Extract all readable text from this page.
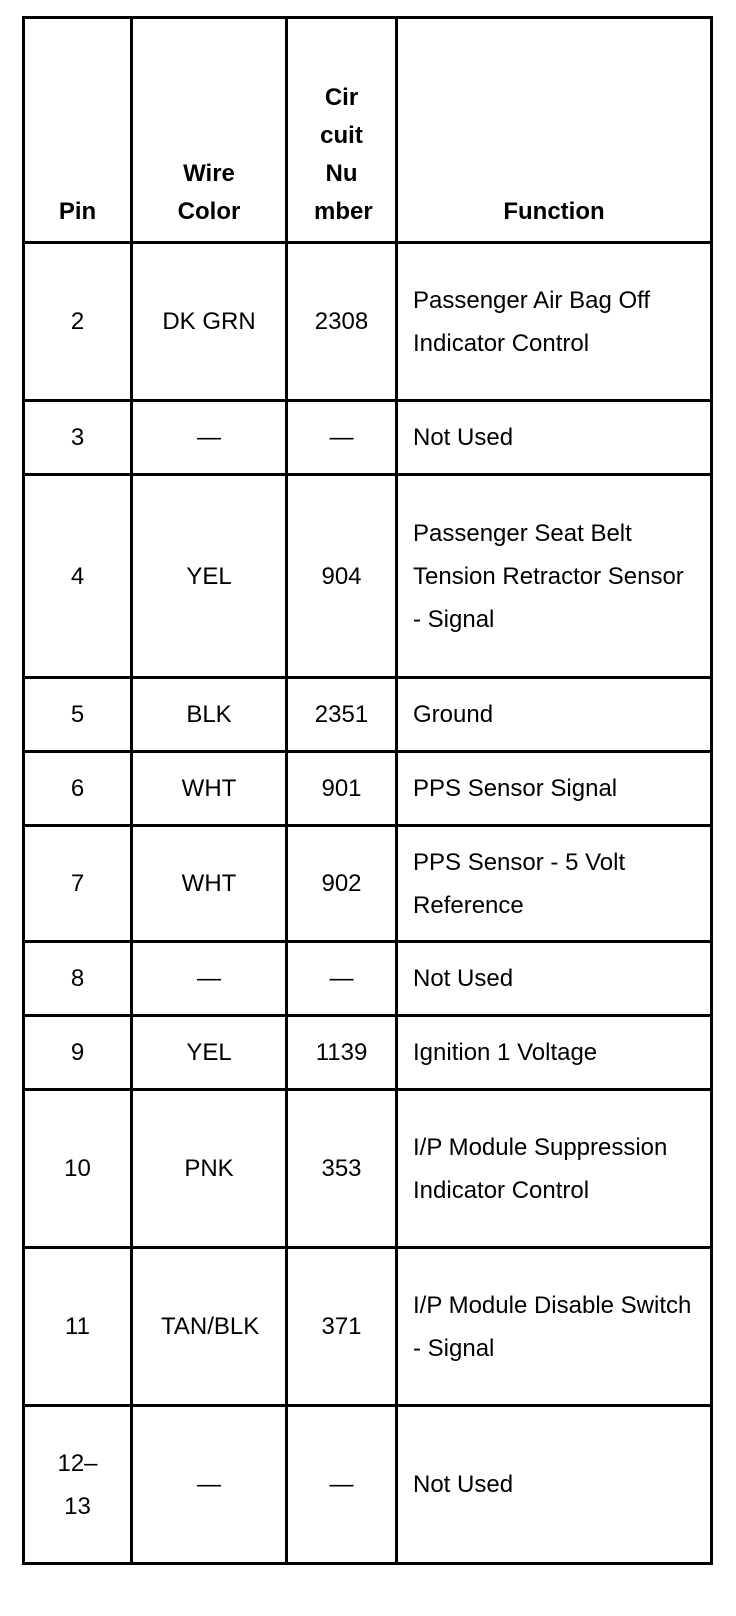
Pin	Wire Color	Cir cuit Nu mber	Function
2	DK GRN	2308	Passenger Air Bag Off Indicator Control
3	—	—	Not Used
4	YEL	904	Passenger Seat Belt Tension Retractor Sensor - Signal
5	BLK	2351	Ground
6	WHT	901	PPS Sensor Signal
7	WHT	902	PPS Sensor - 5 Volt Reference
8	—	—	Not Used
9	YEL	1139	Ignition 1 Voltage
10	PNK	353	I/P Module Suppression Indicator Control
11	TAN/BLK	371	I/P Module Disable Switch - Signal
12–13	—	—	Not Used
